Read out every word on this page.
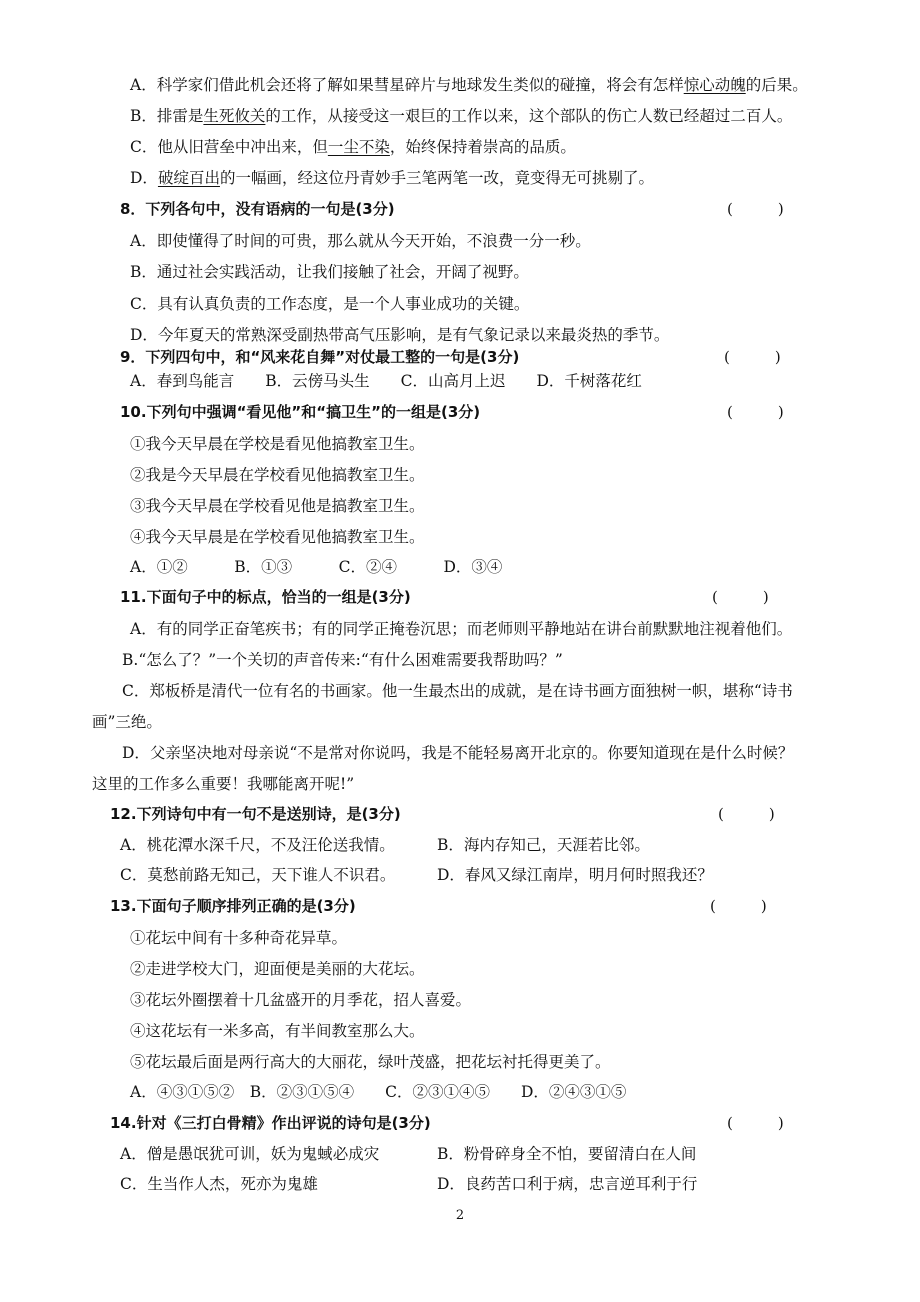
A．科学家们借此机会还将了解如果彗星碎片与地球发生类似的碰撞，将会有怎样惊心动魄的后果。
B．排雷是生死攸关的工作，从接受这一艰巨的工作以来，这个部队的伤亡人数已经超过二百人。
C．他从旧营垒中冲出来，但一尘不染，始终保持着崇高的品质。
D．破绽百出的一幅画，经这位丹青妙手三笔两笔一改，竟变得无可挑剔了。
8．下列各句中，没有语病的一句是(3分)	(　　　)
A．即使懂得了时间的可贵，那么就从今天开始，不浪费一分一秒。
B．通过社会实践活动，让我们接触了社会，开阔了视野。
C．具有认真负责的工作态度，是一个人事业成功的关键。
D．今年夏天的常熟深受副热带高气压影响，是有气象记录以来最炎热的季节。
9．下列四句中，和“风来花自舞”对仗最工整的一句是(3分)	(　　　)
A．春到鸟能言　　B．云傍马头生　　C．山高月上迟　　D．千树落花红
10.下列句中强调“看见他”和“搞卫生”的一组是(3分)	(　　　)
①我今天早晨在学校是看见他搞教室卫生。
②我是今天早晨在学校看见他搞教室卫生。
③我今天早晨在学校看见他是搞教室卫生。
④我今天早晨是在学校看见他搞教室卫生。
A．①②　　　B．①③　　　C．②④　　　D．③④
11.下面句子中的标点，恰当的一组是(3分)	(　　　)
A．有的同学正奋笔疾书；有的同学正掩卷沉思；而老师则平静地站在讲台前默默地注视着他们。
B.“怎么了？”一个关切的声音传来:“有什么困难需要我帮助吗？”
C．郑板桥是清代一位有名的书画家。他一生最杰出的成就，是在诗书画方面独树一帜，堪称“诗书
画”三绝。
D．父亲坚决地对母亲说“不是常对你说吗，我是不能轻易离开北京的。你要知道现在是什么时候？
这里的工作多么重要！我哪能离开呢!”
12.下列诗句中有一句不是送别诗，是(3分)	(　　　)
A．桃花潭水深千尺，不及汪伦送我情。	B．海内存知己，天涯若比邻。
C．莫愁前路无知己，天下谁人不识君。	D．春风又绿江南岸，明月何时照我还？
13.下面句子顺序排列正确的是(3分)	(　　　)
①花坛中间有十多种奇花异草。
②走进学校大门，迎面便是美丽的大花坛。
③花坛外圈摆着十几盆盛开的月季花，招人喜爱。
④这花坛有一米多高，有半间教室那么大。
⑤花坛最后面是两行高大的大丽花，绿叶茂盛，把花坛衬托得更美了。
A．④③①⑤②　B．②③①⑤④　　C．②③①④⑤　　D．②④③①⑤
14.针对《三打白骨精》作出评说的诗句是(3分)	(　　　)
A．僧是愚氓犹可训，妖为鬼蜮必成灾	B．粉骨碎身全不怕，要留清白在人间
C．生当作人杰，死亦为鬼雄	D．良药苦口利于病，忠言逆耳利于行
2
